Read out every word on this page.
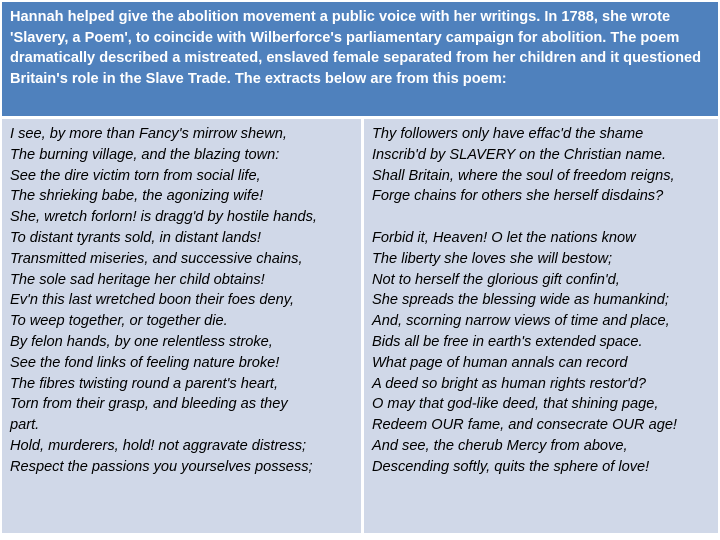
Hannah helped give the abolition movement a public voice with her writings. In 1788, she wrote 'Slavery, a Poem', to coincide with Wilberforce's parliamentary campaign for abolition. The poem dramatically described a mistreated, enslaved female separated from her children and it questioned Britain's role in the Slave Trade. The extracts below are from this poem:
I see, by more than Fancy's mirrow shewn,
The burning village, and the blazing town:
See the dire victim torn from social life,
The shrieking babe, the agonizing wife!
She, wretch forlorn! is dragg'd by hostile hands,
To distant tyrants sold, in distant lands!
Transmitted miseries, and successive chains,
The sole sad heritage her child obtains!
Ev'n this last wretched boon their foes deny,
To weep together, or together die.
By felon hands, by one relentless stroke,
See the fond links of feeling nature broke!
The fibres twisting round a parent's heart,
Torn from their grasp, and bleeding as they
part.
Hold, murderers, hold! not aggravate distress;
Respect the passions you yourselves possess;
Thy followers only have effac'd the shame
Inscrib'd by SLAVERY on the Christian name.
Shall Britain, where the soul of freedom reigns,
Forge chains for others she herself disdains?
Forbid it, Heaven! O let the nations know
The liberty she loves she will bestow;
Not to herself the glorious gift confin'd,
She spreads the blessing wide as humankind;
And, scorning narrow views of time and place,
Bids all be free in earth's extended space.
What page of human annals can record
A deed so bright as human rights restor'd?
O may that god-like deed, that shining page,
Redeem OUR fame, and consecrate OUR age!
And see, the cherub Mercy from above,
Descending softly, quits the sphere of love!
